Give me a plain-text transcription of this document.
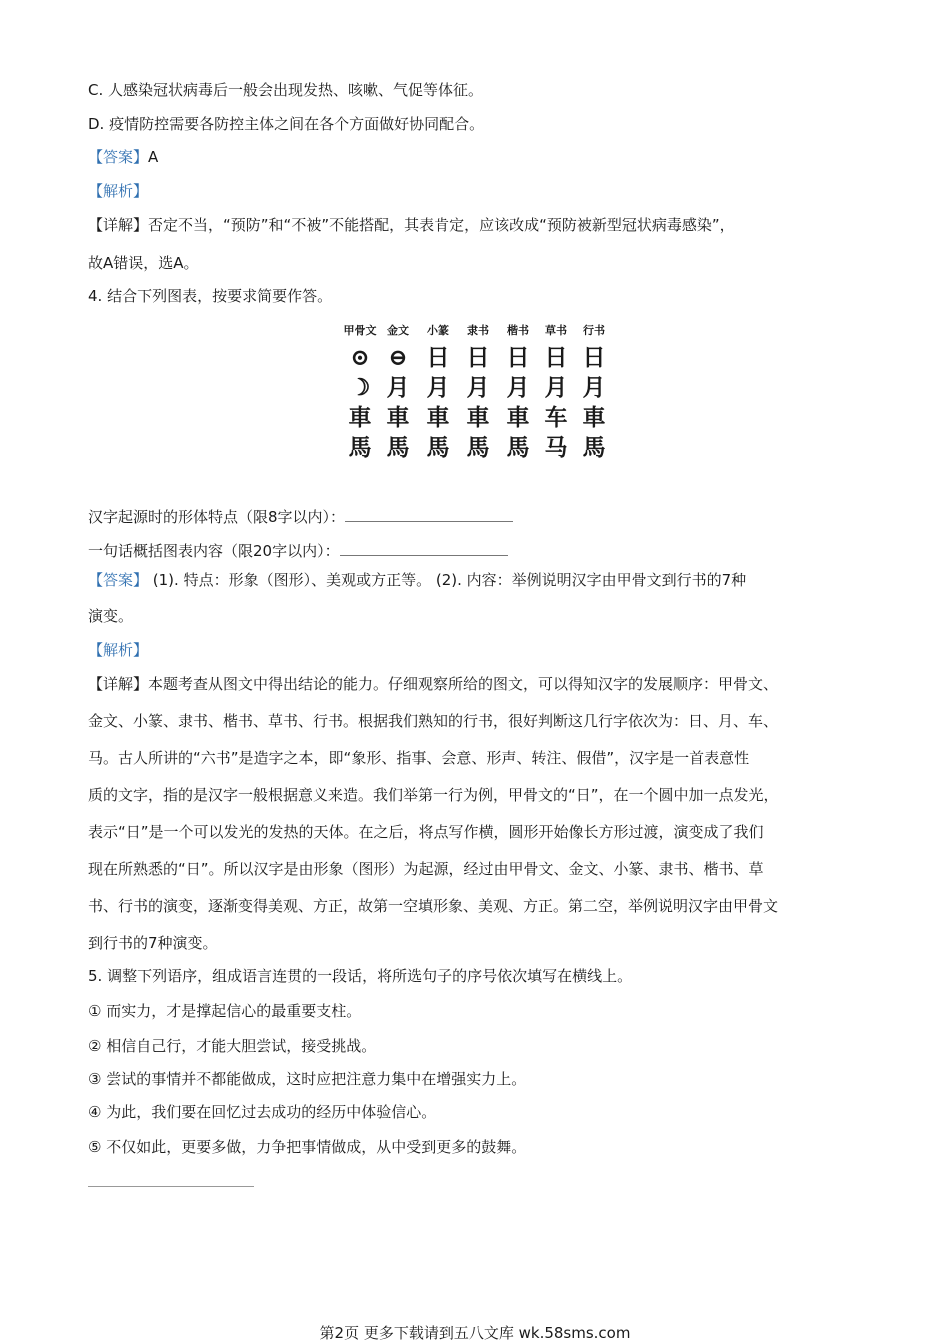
C. 人感染冠状病毒后一般会出现发热、咳嗽、气促等体征。
D. 疫情防控需要各防控主体之间在各个方面做好协同配合。
【答案】A
【解析】
【详解】否定不当，“预防”和“不被”不能搭配，其表肯定，应该改成“预防被新型冠状病毒感染”，
故A错误，选A。
4. 结合下列图表，按要求简要作答。
甲骨文 金文	小篆	隶书	楷书	草书	行书
⊙ ⊖ 日 日 日 日 日
☽ 月 月 月 月 月 月
車 車 車 車 車 车 車
馬 馬 馬 馬 馬 马 馬
汉字起源时的形体特点（限8字以内）：
一句话概括图表内容（限20字以内）：
【答案】 (1). 特点：形象（图形）、美观或方正等。 (2). 内容：举例说明汉字由甲骨文到行书的7种
演变。
【解析】
【详解】本题考查从图文中得出结论的能力。仔细观察所给的图文，可以得知汉字的发展顺序：甲骨文、
金文、小篆、隶书、楷书、草书、行书。根据我们熟知的行书，很好判断这几行字依次为：日、月、车、
马。古人所讲的“六书”是造字之本，即“象形、指事、会意、形声、转注、假借”，汉字是一首表意性
质的文字，指的是汉字一般根据意义来造。我们举第一行为例，甲骨文的“日”，在一个圆中加一点发光，
表示“日”是一个可以发光的发热的天体。在之后，将点写作横，圆形开始像长方形过渡，演变成了我们
现在所熟悉的“日”。所以汉字是由形象（图形）为起源，经过由甲骨文、金文、小篆、隶书、楷书、草
书、行书的演变，逐渐变得美观、方正，故第一空填形象、美观、方正。第二空，举例说明汉字由甲骨文
到行书的7种演变。
5. 调整下列语序，组成语言连贯的一段话，将所选句子的序号依次填写在横线上。
① 而实力，才是撑起信心的最重要支柱。
② 相信自己行，才能大胆尝试，接受挑战。
③ 尝试的事情并不都能做成，这时应把注意力集中在增强实力上。
④ 为此，我们要在回忆过去成功的经历中体验信心。
⑤ 不仅如此，更要多做，力争把事情做成，从中受到更多的鼓舞。
第2页 更多下载请到五八文库 wk.58sms.com
